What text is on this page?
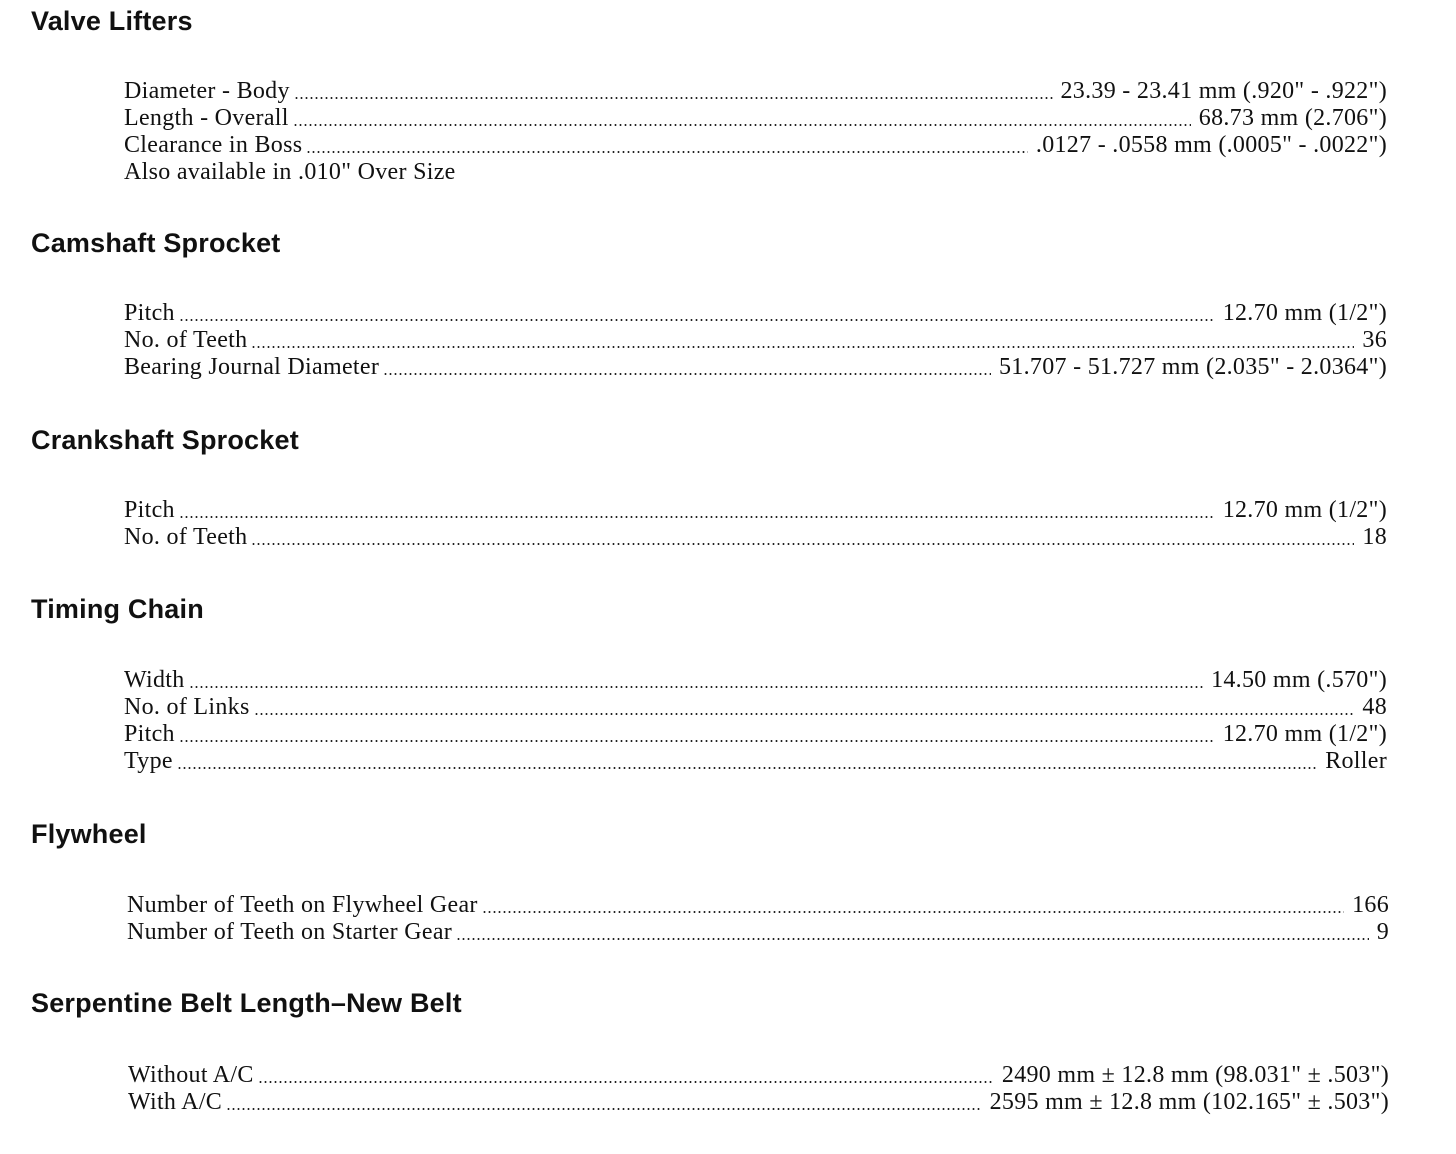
Valve Lifters
Diameter - Body	23.39 - 23.41 mm (.920" - .922")
Length - Overall	68.73 mm (2.706")
Clearance in Boss	.0127 - .0558 mm (.0005" - .0022")
Also available in .010" Over Size
Camshaft Sprocket
Pitch	12.70 mm (1/2")
No. of Teeth	36
Bearing Journal Diameter	51.707 - 51.727 mm (2.035" - 2.0364")
Crankshaft Sprocket
Pitch	12.70 mm (1/2")
No. of Teeth	18
Timing Chain
Width	14.50 mm (.570")
No. of Links	48
Pitch	12.70 mm (1/2")
Type	Roller
Flywheel
Number of Teeth on Flywheel Gear	166
Number of Teeth on Starter Gear	9
Serpentine Belt Length–New Belt
Without A/C	2490 mm ± 12.8 mm (98.031" ± .503")
With A/C	2595 mm ± 12.8 mm (102.165" ± .503")
